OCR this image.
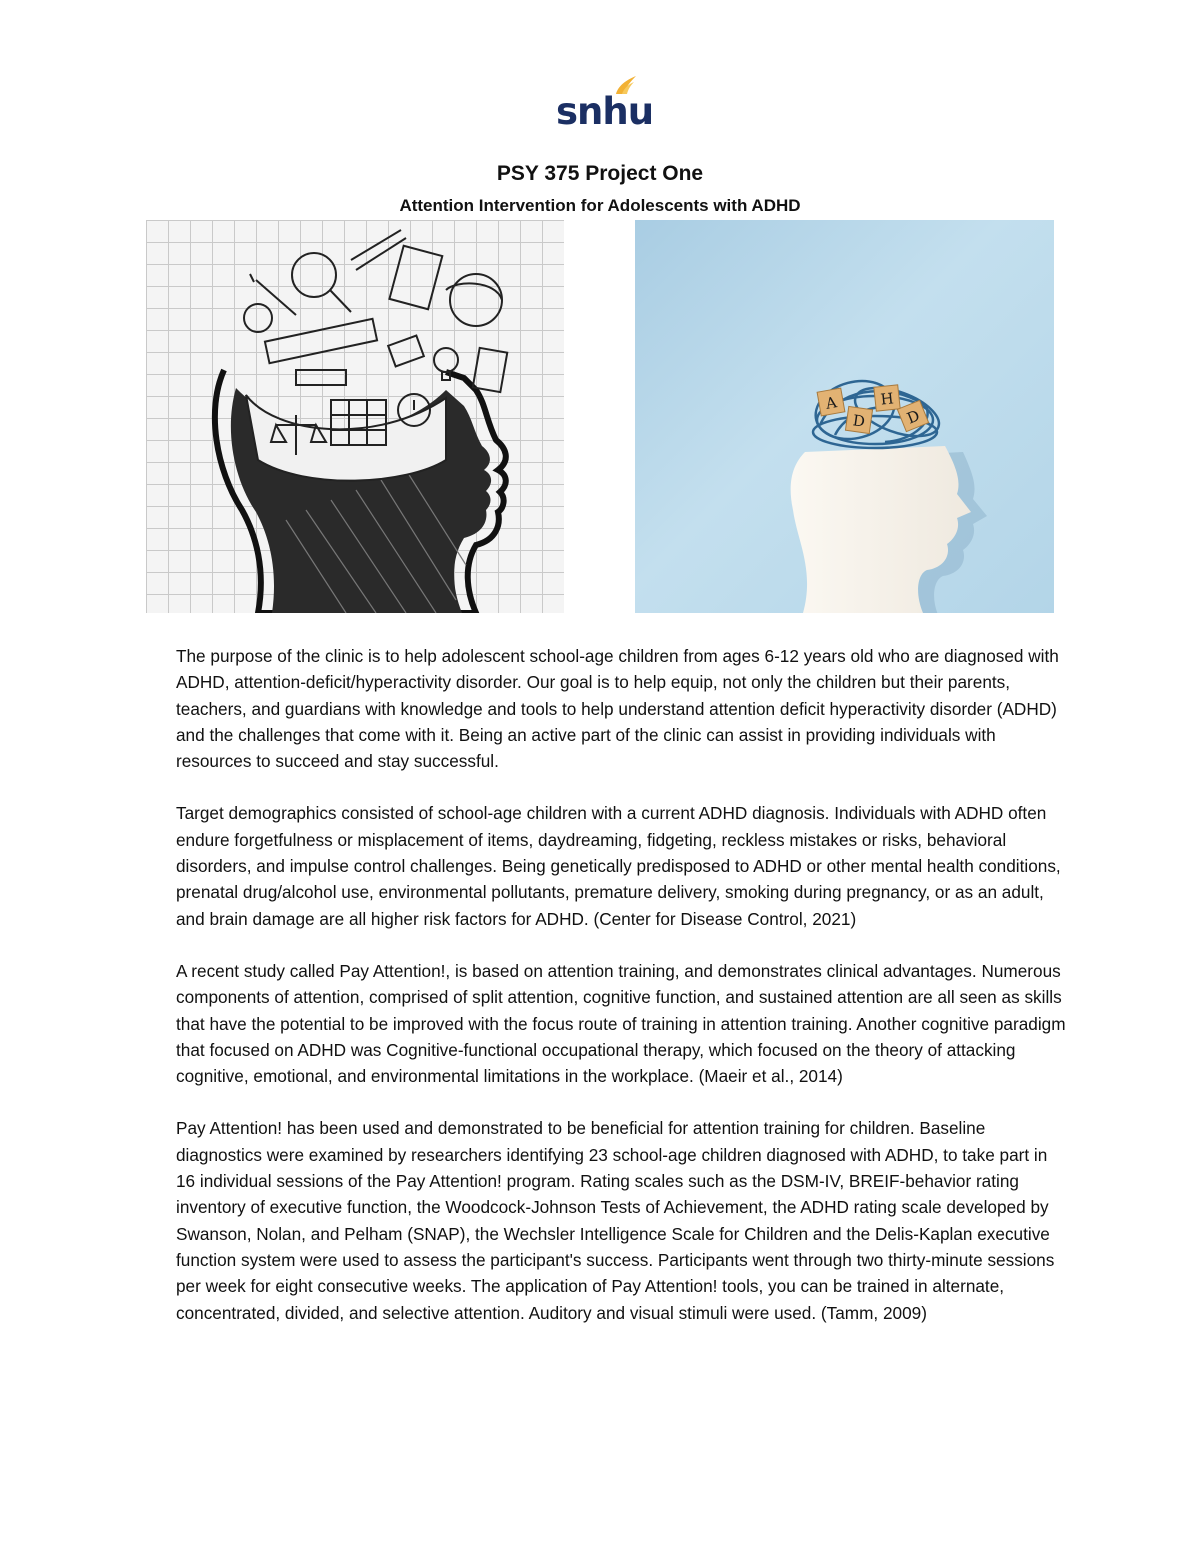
snhu
PSY 375 Project One
Attention Intervention for Adolescents with ADHD
A
D
H
D

The purpose of the clinic is to help adolescent school-age children from ages 6-12 years old who are diagnosed with ADHD, attention-deficit/hyperactivity disorder. Our goal is to help equip, not only the children but their parents, teachers, and guardians with knowledge and tools to help understand attention deficit hyperactivity disorder (ADHD) and the challenges that come with it. Being an active part of the clinic can assist in providing individuals with resources to succeed and stay successful.

Target demographics consisted of school-age children with a current ADHD diagnosis. Individuals with ADHD often endure forgetfulness or misplacement of items, daydreaming, fidgeting, reckless mistakes or risks, behavioral disorders, and impulse control challenges. Being genetically predisposed to ADHD or other mental health conditions, prenatal drug/alcohol use, environmental pollutants, premature delivery, smoking during pregnancy, or as an adult, and brain damage are all higher risk factors for ADHD. (Center for Disease Control, 2021)

A recent study called Pay Attention!, is based on attention training, and demonstrates clinical advantages. Numerous components of attention, comprised of split attention, cognitive function, and sustained attention are all seen as skills that have the potential to be improved with the focus route of training in attention training. Another cognitive paradigm that focused on ADHD was Cognitive-functional occupational therapy, which focused on the theory of attacking cognitive, emotional, and environmental limitations in the workplace. (Maeir et al., 2014)

Pay Attention! has been used and demonstrated to be beneficial for attention training for children. Baseline diagnostics were examined by researchers identifying 23 school-age children diagnosed with ADHD, to take part in 16 individual sessions of the Pay Attention! program. Rating scales such as the DSM-IV, BREIF-behavior rating inventory of executive function, the Woodcock-Johnson Tests of Achievement, the ADHD rating scale developed by Swanson, Nolan, and Pelham (SNAP), the Wechsler Intelligence Scale for Children and the Delis-Kaplan executive function system were used to assess the participant's success. Participants went through two thirty-minute sessions per week for eight consecutive weeks. The application of Pay Attention! tools, you can be trained in alternate, concentrated, divided, and selective attention. Auditory and visual stimuli were used. (Tamm, 2009)
